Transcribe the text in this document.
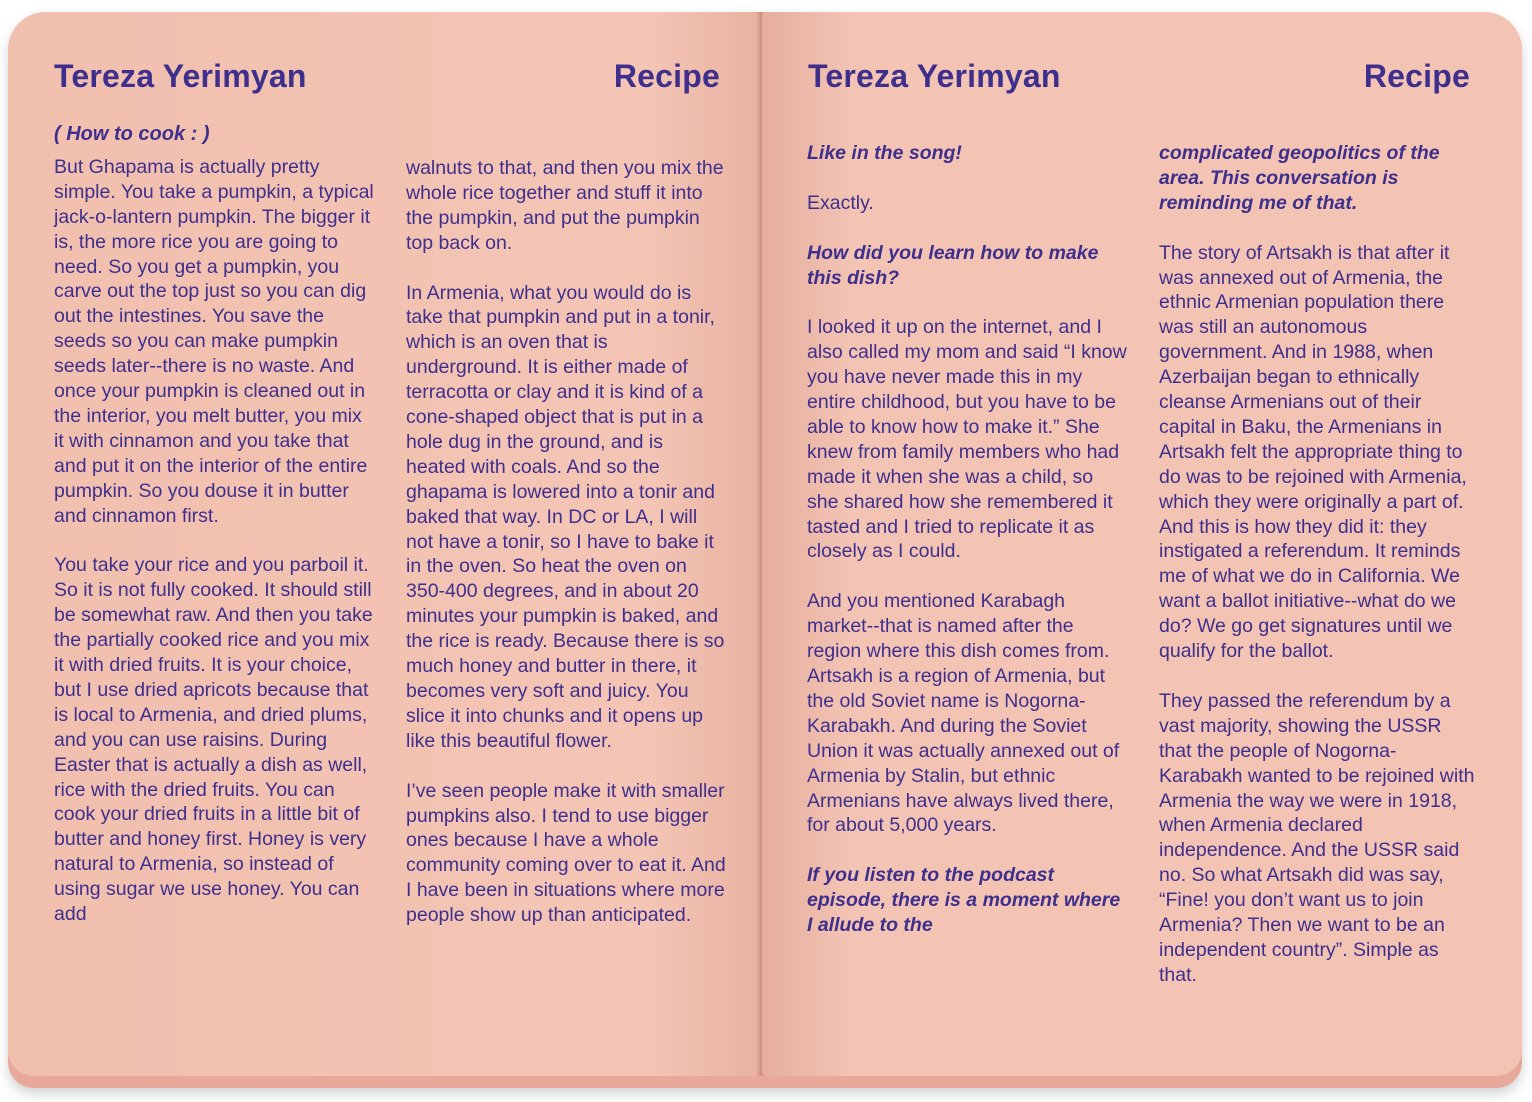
Tereza Yerimyan	Recipe

( How to cook : )

But Ghapama is actually pretty simple. You take a pumpkin, a typical jack-o-lantern pumpkin. The bigger it is, the more rice you are going to need. So you get a pumpkin, you carve out the top just so you can dig out the intestines. You save the seeds so you can make pumpkin seeds later--there is no waste. And once your pumpkin is cleaned out in the interior, you melt butter, you mix it with cinnamon and you take that and put it on the interior of the entire pumpkin. So you douse it in butter and cinnamon first.

You take your rice and you parboil it. So it is not fully cooked. It should still be somewhat raw. And then you take the partially cooked rice and you mix it with dried fruits. It is your choice, but I use dried apricots because that is local to Armenia, and dried plums, and you can use raisins. During Easter that is actually a dish as well, rice with the dried fruits. You can cook your dried fruits in a little bit of butter and honey first. Honey is very natural to Armenia, so instead of using sugar we use honey. You can add

walnuts to that, and then you mix the whole rice together and stuff it into the pumpkin, and put the pumpkin top back on.

In Armenia, what you would do is take that pumpkin and put in a tonir, which is an oven that is underground. It is either made of terracotta or clay and it is kind of a cone-shaped object that is put in a hole dug in the ground, and is heated with coals. And so the ghapama is lowered into a tonir and baked that way. In DC or LA, I will not have a tonir, so I have to bake it in the oven. So heat the oven on 350-400 degrees, and in about 20 minutes your pumpkin is baked, and the rice is ready. Because there is so much honey and butter in there, it becomes very soft and juicy. You slice it into chunks and it opens up like this beautiful flower.

I’ve seen people make it with smaller pumpkins also. I tend to use bigger ones because I have a whole community coming over to eat it. And I have been in situations where more people show up than anticipated.

Tereza Yerimyan	Recipe

Like in the song!

Exactly.

How did you learn how to make this dish?

I looked it up on the internet, and I also called my mom and said “I know you have never made this in my entire childhood, but you have to be able to know how to make it.” She knew from family members who had made it when she was a child, so she shared how she remembered it tasted and I tried to replicate it as closely as I could.

And you mentioned Karabagh market--that is named after the region where this dish comes from. Artsakh is a region of Armenia, but the old Soviet name is Nogorna-Karabakh. And during the Soviet Union it was actually annexed out of Armenia by Stalin, but ethnic Armenians have always lived there, for about 5,000 years.

If you listen to the podcast episode, there is a moment where I allude to the

complicated geopolitics of the area. This conversation is reminding me of that.

The story of Artsakh is that after it was annexed out of Armenia, the ethnic Armenian population there was still an autonomous government. And in 1988, when Azerbaijan began to ethnically cleanse Armenians out of their capital in Baku, the Armenians in Artsakh felt the appropriate thing to do was to be rejoined with Armenia, which they were originally a part of. And this is how they did it: they instigated a referendum. It reminds me of what we do in California. We want a ballot initiative--what do we do? We go get signatures until we qualify for the ballot.

They passed the referendum by a vast majority, showing the USSR that the people of Nogorna-Karabakh wanted to be rejoined with Armenia the way we were in 1918, when Armenia declared independence. And the USSR said no. So what Artsakh did was say, “Fine! you don’t want us to join Armenia? Then we want to be an independent country”. Simple as that.
